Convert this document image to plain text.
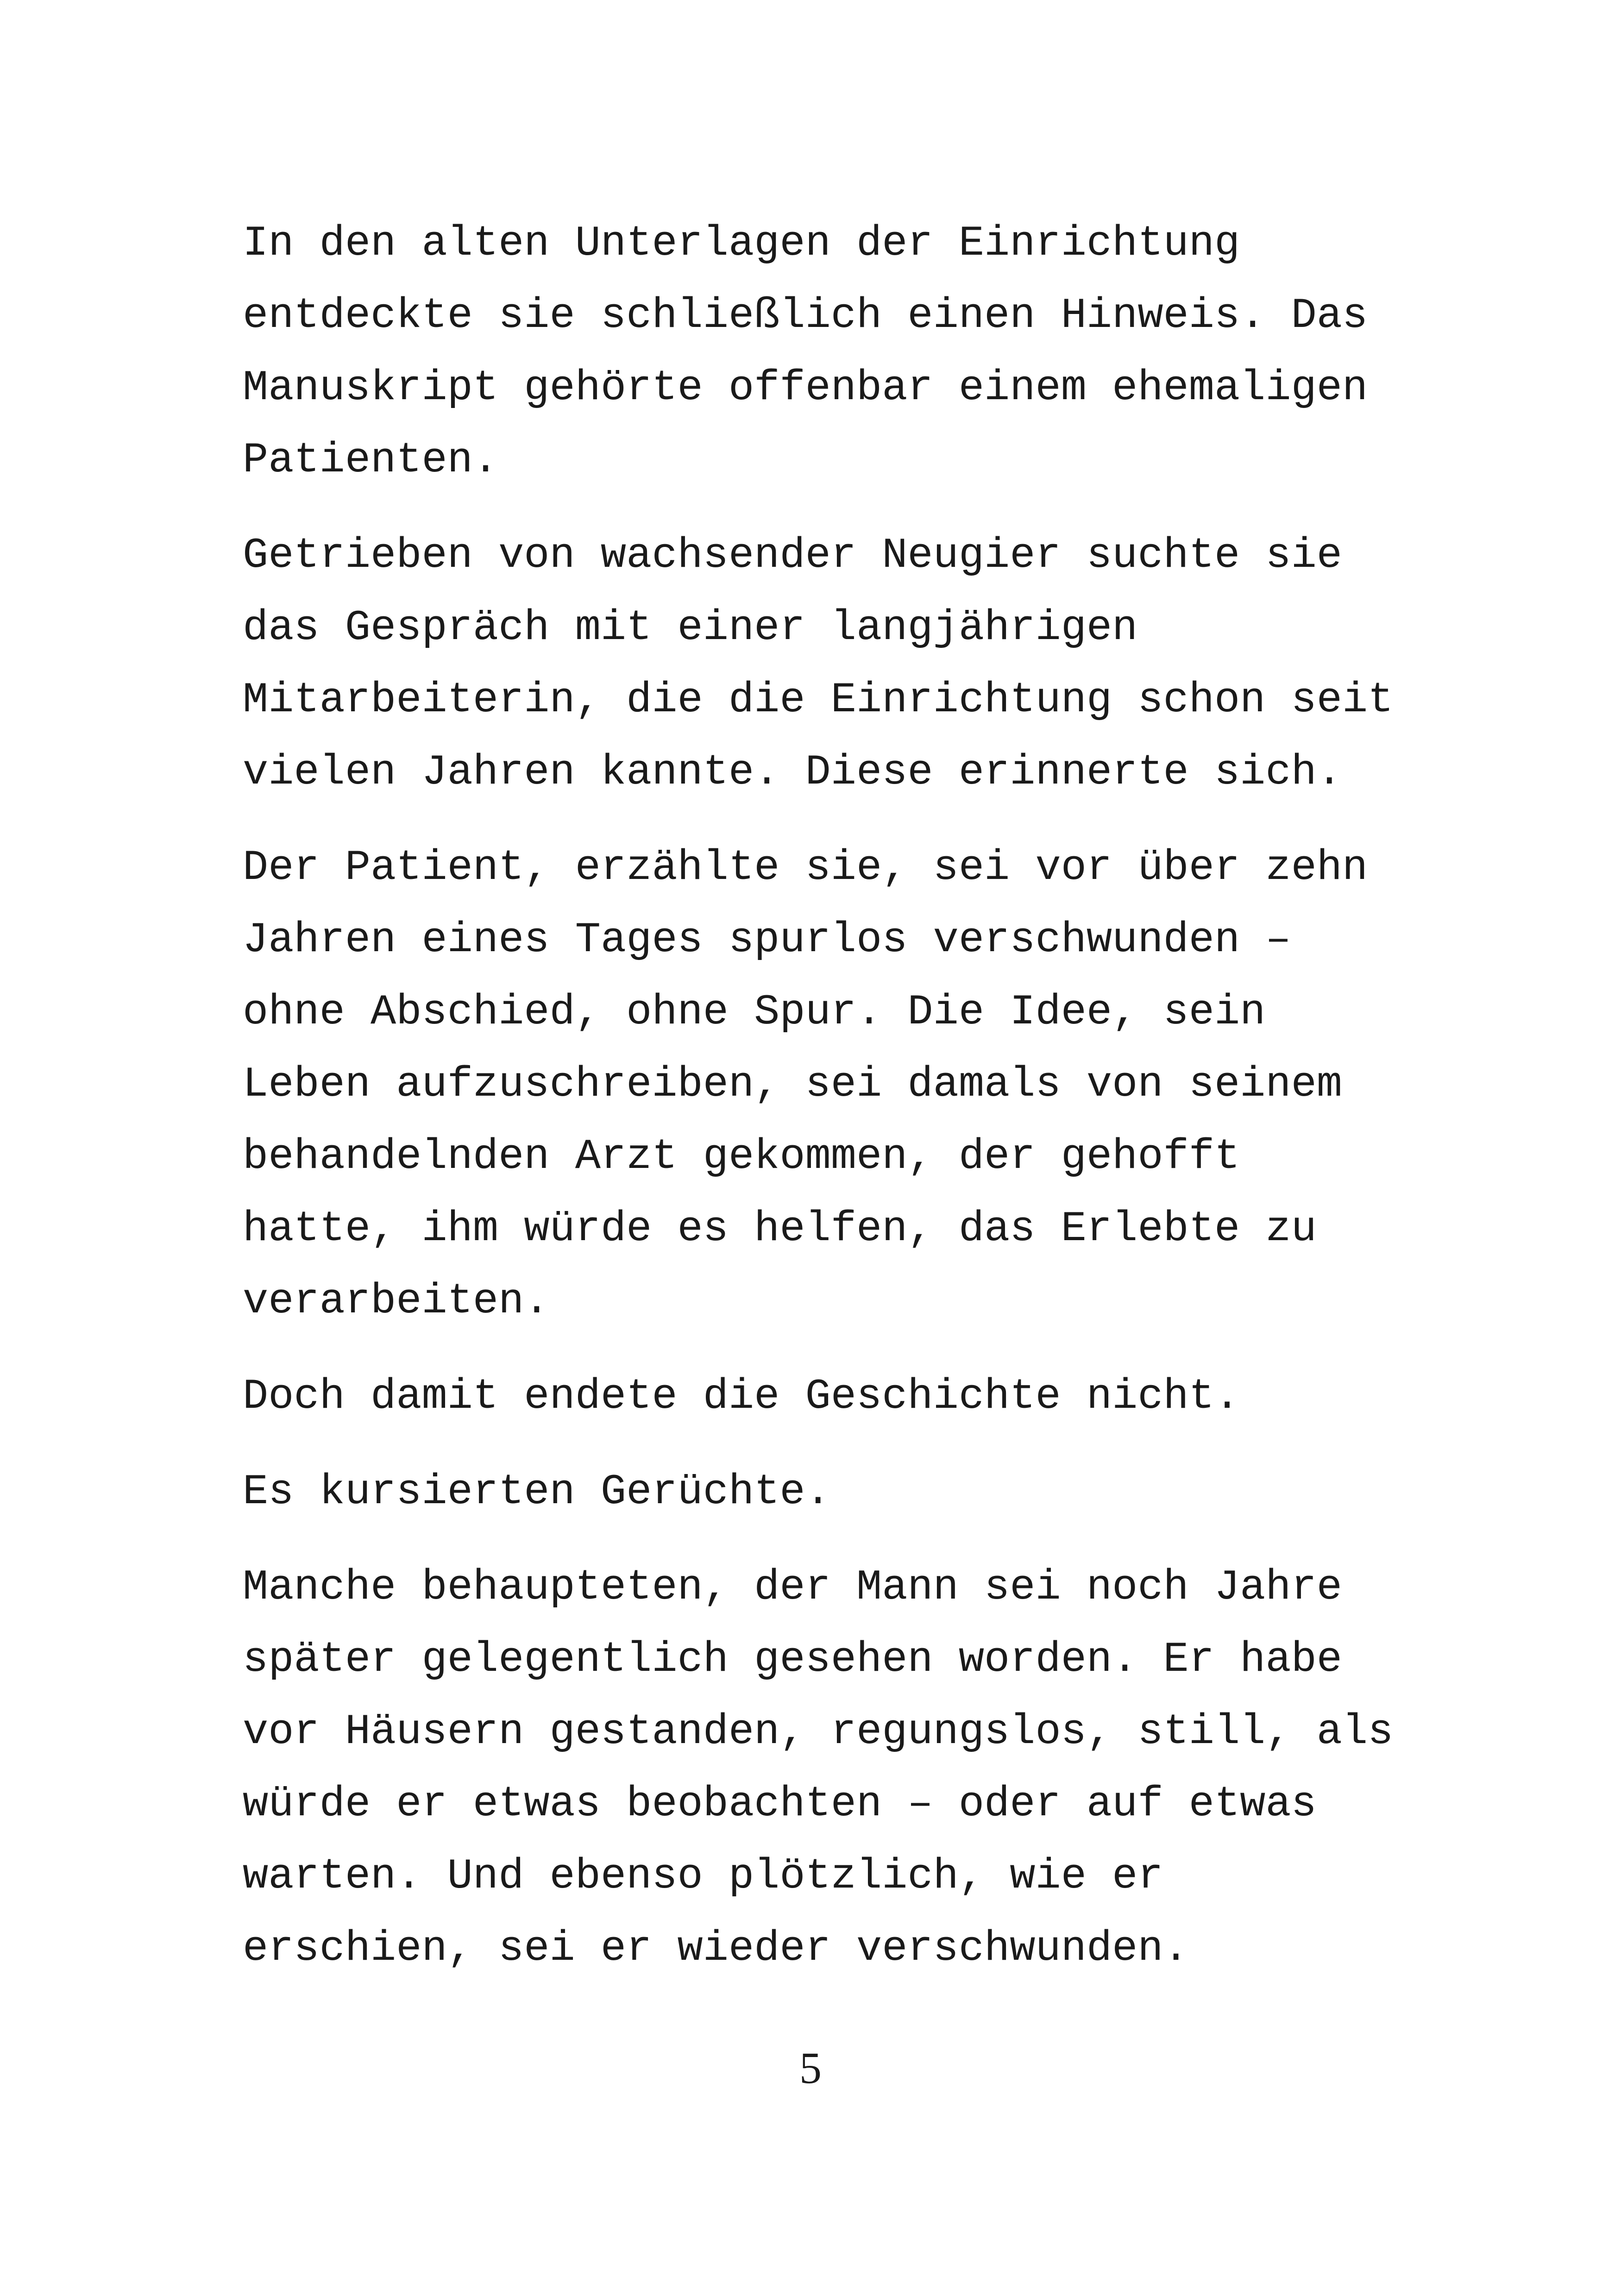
In den alten Unterlagen der Einrichtung
entdeckte sie schließlich einen Hinweis. Das
Manuskript gehörte offenbar einem ehemaligen
Patienten.
Getrieben von wachsender Neugier suchte sie
das Gespräch mit einer langjährigen
Mitarbeiterin, die die Einrichtung schon seit
vielen Jahren kannte. Diese erinnerte sich.
Der Patient, erzählte sie, sei vor über zehn
Jahren eines Tages spurlos verschwunden –
ohne Abschied, ohne Spur. Die Idee, sein
Leben aufzuschreiben, sei damals von seinem
behandelnden Arzt gekommen, der gehofft
hatte, ihm würde es helfen, das Erlebte zu
verarbeiten.
Doch damit endete die Geschichte nicht.
Es kursierten Gerüchte.
Manche behaupteten, der Mann sei noch Jahre
später gelegentlich gesehen worden. Er habe
vor Häusern gestanden, regungslos, still, als
würde er etwas beobachten – oder auf etwas
warten. Und ebenso plötzlich, wie er
erschien, sei er wieder verschwunden.
5
